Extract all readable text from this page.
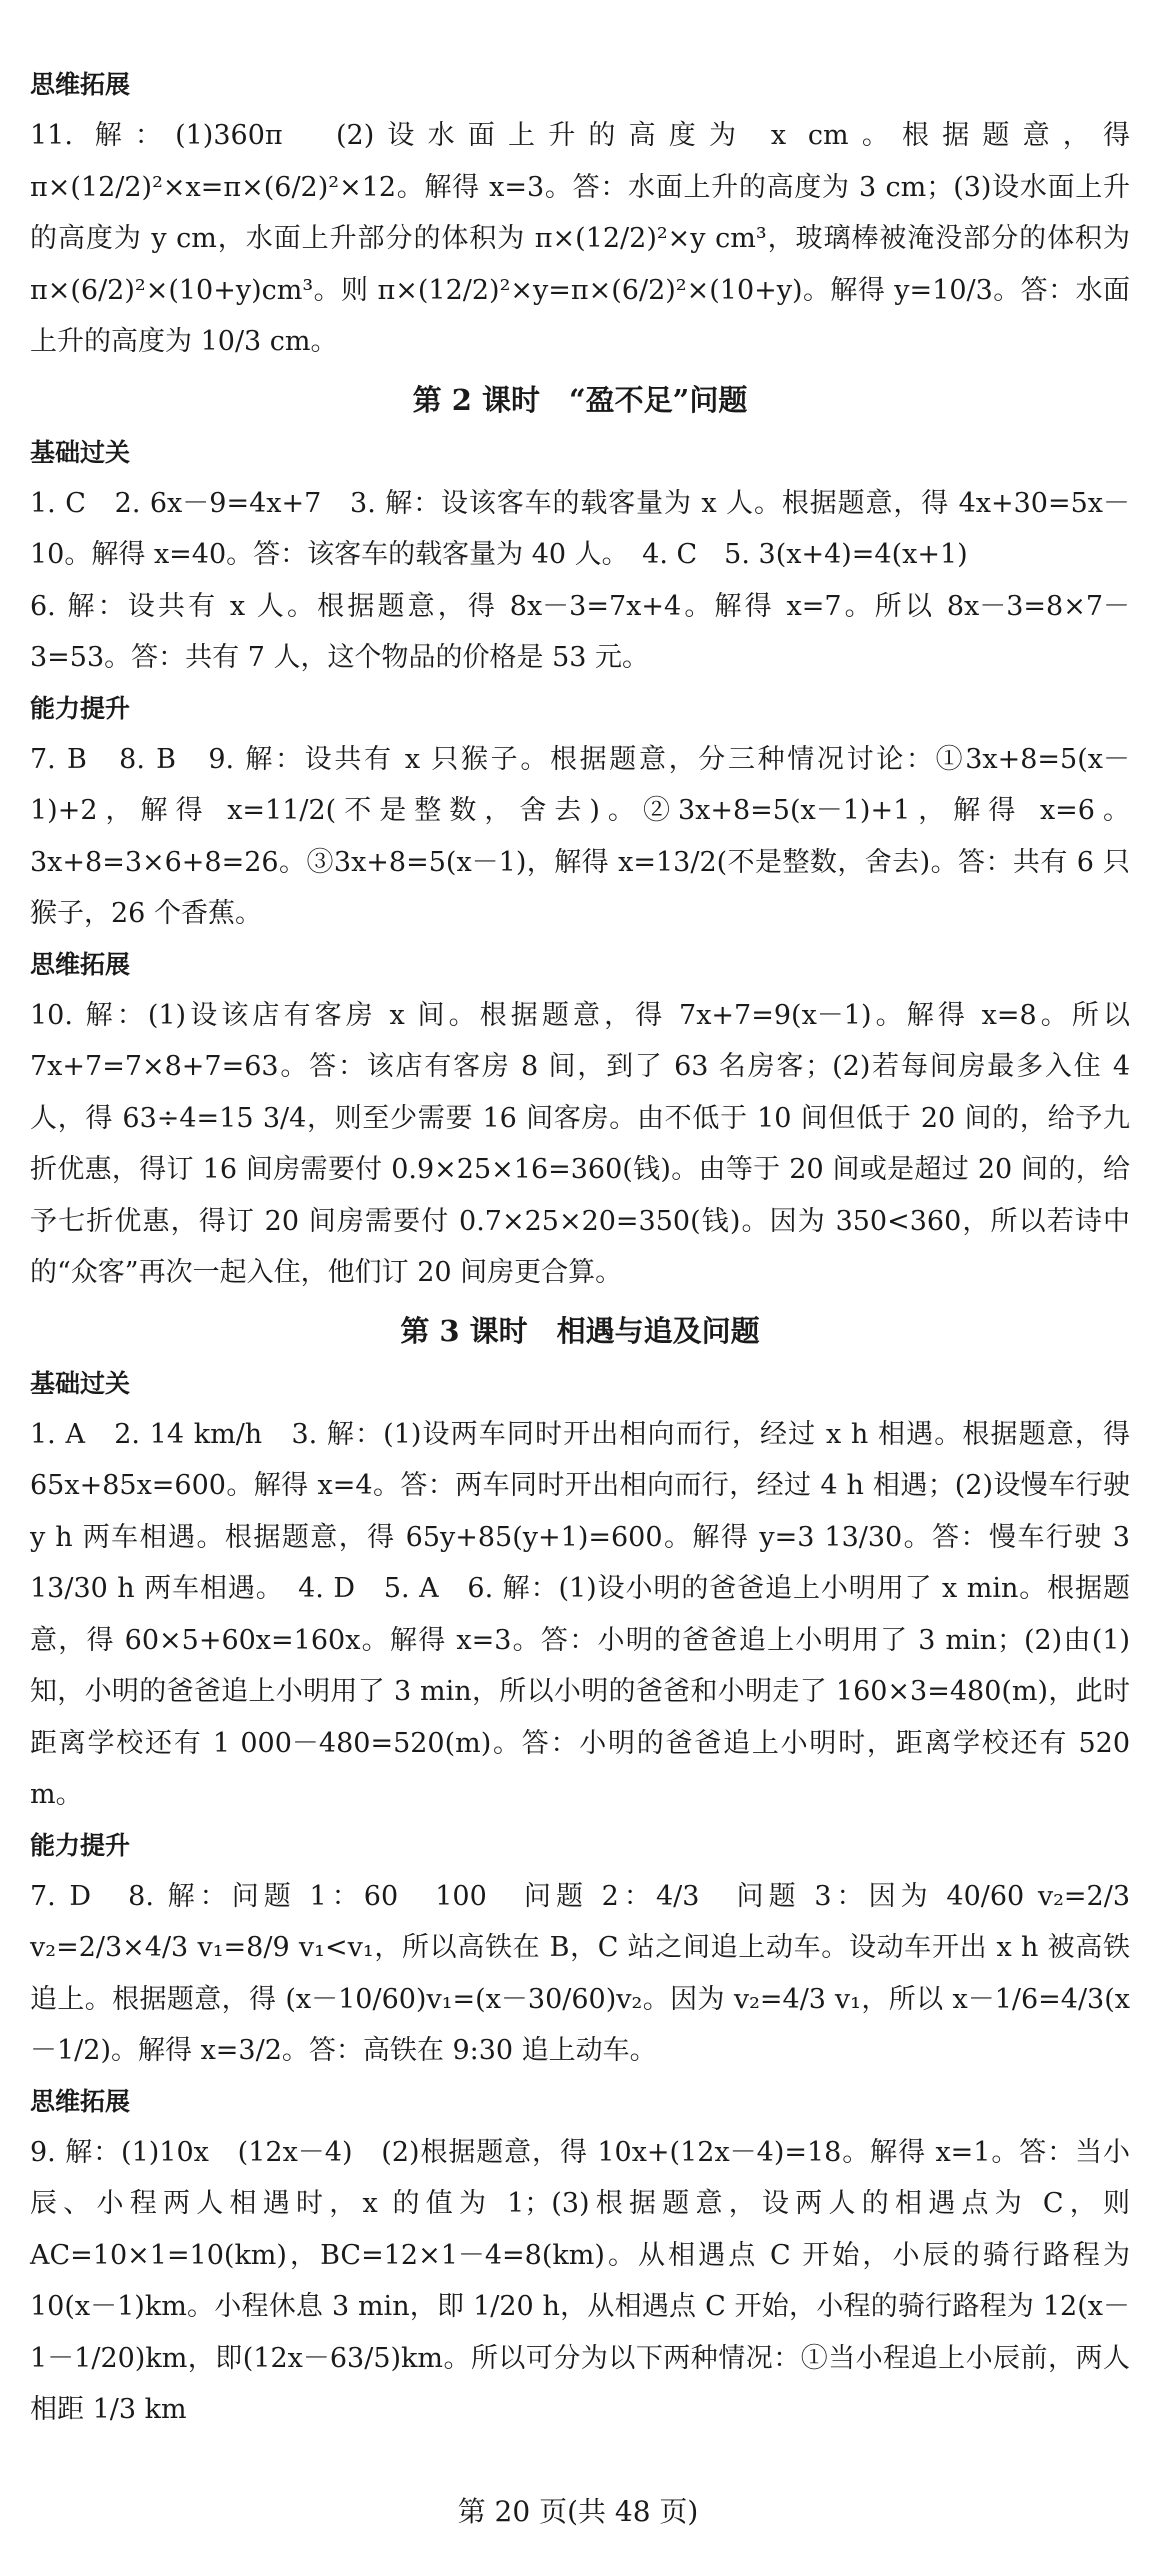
思维拓展

11. 解：(1)360π　(2)设水面上升的高度为 x cm。根据题意，得 π×(12/2)²×x=π×(6/2)²×12。解得 x=3。答：水面上升的高度为 3 cm；(3)设水面上升的高度为 y cm，水面上升部分的体积为 π×(12/2)²×y cm³，玻璃棒被淹没部分的体积为 π×(6/2)²×(10+y)cm³。则 π×(12/2)²×y=π×(6/2)²×(10+y)。解得 y=10/3。答：水面上升的高度为 10/3 cm。

第 2 课时　“盈不足”问题
基础过关

1. C　2. 6x－9=4x+7　3. 解：设该客车的载客量为 x 人。根据题意，得 4x+30=5x－10。解得 x=40。答：该客车的载客量为 40 人。　4. C　5. 3(x+4)=4(x+1)

6. 解：设共有 x 人。根据题意，得 8x－3=7x+4。解得 x=7。所以 8x－3=8×7－3=53。答：共有 7 人，这个物品的价格是 53 元。

能力提升

7. B　8. B　9. 解：设共有 x 只猴子。根据题意，分三种情况讨论：①3x+8=5(x－1)+2，解得 x=11/2(不是整数，舍去)。②3x+8=5(x－1)+1，解得 x=6。3x+8=3×6+8=26。③3x+8=5(x－1)，解得 x=13/2(不是整数，舍去)。答：共有 6 只猴子，26 个香蕉。

思维拓展

10. 解：(1)设该店有客房 x 间。根据题意，得 7x+7=9(x－1)。解得 x=8。所以 7x+7=7×8+7=63。答：该店有客房 8 间，到了 63 名房客；(2)若每间房最多入住 4 人，得 63÷4=15 3/4，则至少需要 16 间客房。由不低于 10 间但低于 20 间的，给予九折优惠，得订 16 间房需要付 0.9×25×16=360(钱)。由等于 20 间或是超过 20 间的，给予七折优惠，得订 20 间房需要付 0.7×25×20=350(钱)。因为 350<360，所以若诗中的“众客”再次一起入住，他们订 20 间房更合算。

第 3 课时　相遇与追及问题
基础过关

1. A　2. 14 km/h　3. 解：(1)设两车同时开出相向而行，经过 x h 相遇。根据题意，得 65x+85x=600。解得 x=4。答：两车同时开出相向而行，经过 4 h 相遇；(2)设慢车行驶 y h 两车相遇。根据题意，得 65y+85(y+1)=600。解得 y=3 13/30。答：慢车行驶 3 13/30 h 两车相遇。　4. D　5. A　6. 解：(1)设小明的爸爸追上小明用了 x min。根据题意，得 60×5+60x=160x。解得 x=3。答：小明的爸爸追上小明用了 3 min；(2)由(1)知，小明的爸爸追上小明用了 3 min，所以小明的爸爸和小明走了 160×3=480(m)，此时距离学校还有 1 000－480=520(m)。答：小明的爸爸追上小明时，距离学校还有 520 m。

能力提升

7. D　8. 解：问题 1：60　100　问题 2：4/3　问题 3：因为 40/60 v₂=2/3 v₂=2/3×4/3 v₁=8/9 v₁<v₁，所以高铁在 B，C 站之间追上动车。设动车开出 x h 被高铁追上。根据题意，得 (x－10/60)v₁=(x－30/60)v₂。因为 v₂=4/3 v₁，所以 x－1/6=4/3(x－1/2)。解得 x=3/2。答：高铁在 9:30 追上动车。

思维拓展

9. 解：(1)10x　(12x－4)　(2)根据题意，得 10x+(12x－4)=18。解得 x=1。答：当小辰、小程两人相遇时，x 的值为 1；(3)根据题意，设两人的相遇点为 C，则 AC=10×1=10(km)，BC=12×1－4=8(km)。从相遇点 C 开始，小辰的骑行路程为 10(x－1)km。小程休息 3 min，即 1/20 h，从相遇点 C 开始，小程的骑行路程为 12(x－1－1/20)km，即(12x－63/5)km。所以可分为以下两种情况：①当小程追上小辰前，两人相距 1/3 km

第 20 页(共 48 页)
